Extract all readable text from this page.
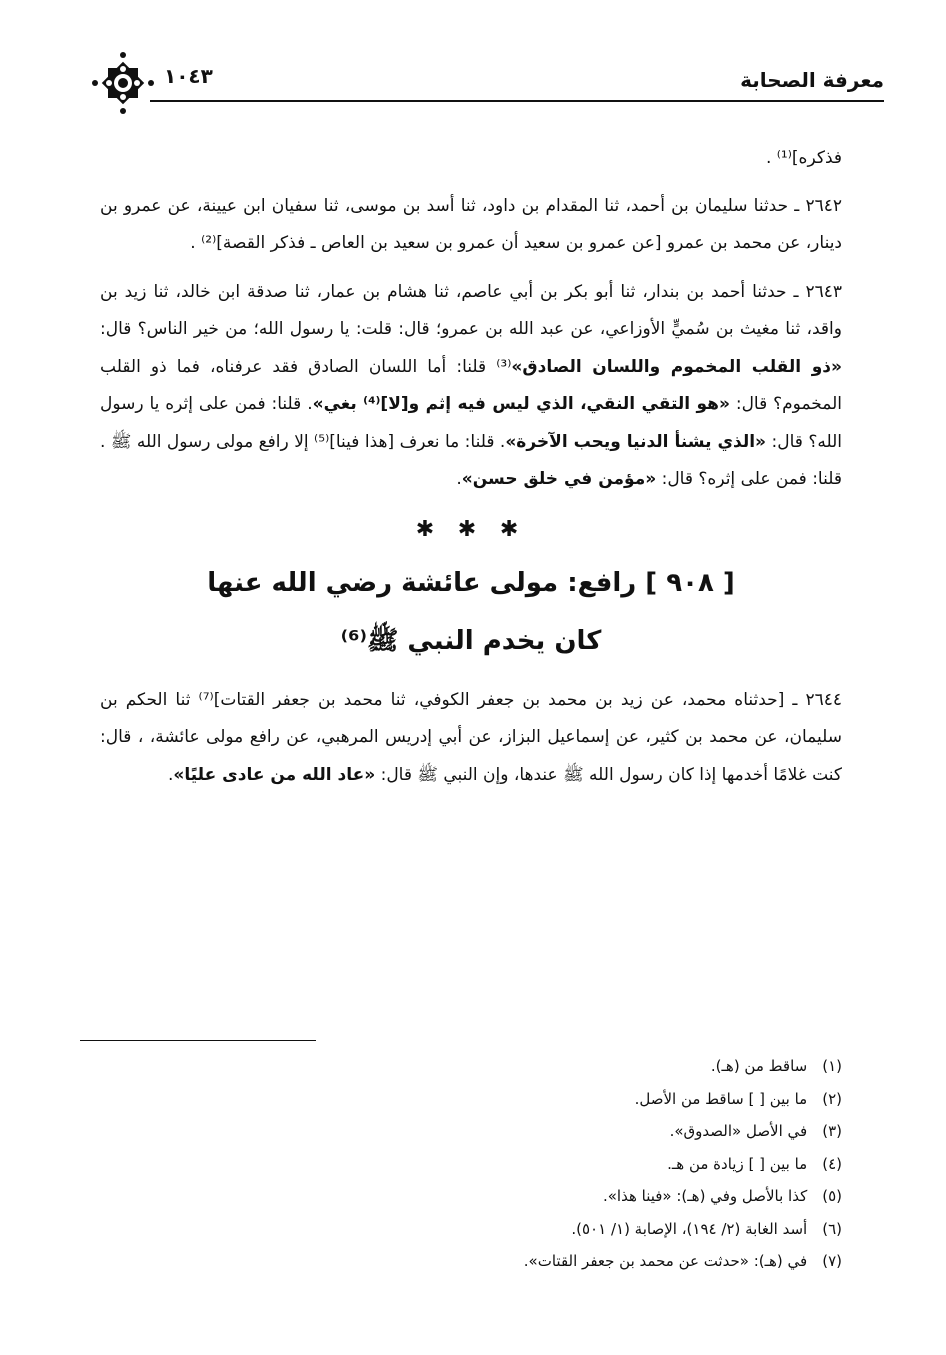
معرفة الصحابة
١٠٤٣

فذكره]⁽¹⁾ .

٢٦٤٢ ـ حدثنا سليمان بن أحمد، ثنا المقدام بن داود، ثنا أسد بن موسى، ثنا سفيان ابن عيينة، عن عمرو بن دينار، عن محمد بن عمرو [عن عمرو بن سعيد أن عمرو بن سعيد بن العاص ـ فذكر القصة]⁽²⁾ .

٢٦٤٣ ـ حدثنا أحمد بن بندار، ثنا أبو بكر بن أبي عاصم، ثنا هشام بن عمار، ثنا صدقة ابن خالد، ثنا زيد بن واقد، ثنا مغيث بن سُميٍّ الأوزاعي، عن عبد الله بن عمرو؛ قال: قلت: يا رسول الله؛ من خير الناس؟ قال: «ذو القلب المخموم واللسان الصادق»⁽³⁾ قلنا: أما اللسان الصادق فقد عرفناه، فما ذو القلب المخموم؟ قال: «هو التقي النقي، الذي ليس فيه إثم و[لا]⁽⁴⁾ بغي». قلنا: فمن على إثره يا رسول الله؟ قال: «الذي يشنأ الدنيا ويحب الآخرة». قلنا: ما نعرف [هذا فينا]⁽⁵⁾ إلا رافع مولى رسول الله ﷺ . قلنا: فمن على إثره؟ قال: «مؤمن في خلق حسن».

✱ ✱ ✱
[ ٩٠٨ ] رافع: مولى عائشة رضي الله عنها
كان يخدم النبي ﷺ⁽⁶⁾

٢٦٤٤ ـ [حدثناه محمد، عن زيد بن محمد بن جعفر الكوفي، ثنا محمد بن جعفر القتات]⁽⁷⁾ ثنا الحكم بن سليمان، عن محمد بن كثير، عن إسماعيل البزاز، عن أبي إدريس المرهبي، عن رافع مولى عائشة، ، قال: كنت غلامًا أخدمها إذا كان رسول الله ﷺ عندها، وإن النبي ﷺ قال: «عاد الله من عادى عليًا».

(١) ساقط من (هـ).
(٢) ما بين [ ] ساقط من الأصل.
(٣) في الأصل «الصدوق».
(٤) ما بين [ ] زيادة من هـ.
(٥) كذا بالأصل وفي (هـ): «فينا هذا».
(٦) أسد الغابة (٢/ ١٩٤)، الإصابة (١/ ٥٠١).
(٧) في (هـ): «حدثت عن محمد بن جعفر القتات».
